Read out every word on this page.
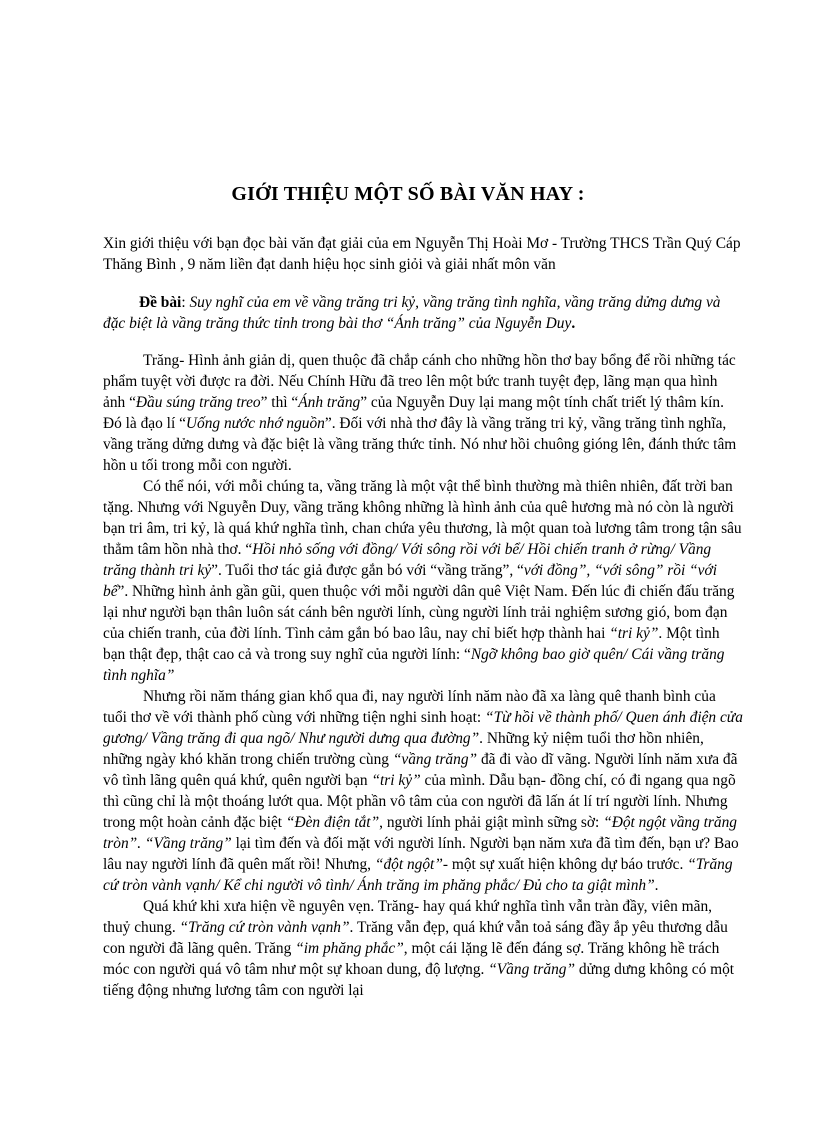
GIỚI THIỆU MỘT SỐ BÀI VĂN HAY :
Xin giới thiệu với bạn đọc bài văn đạt giải của em Nguyễn Thị Hoài Mơ - Trường THCS Trần Quý Cáp Thăng Bình , 9 năm liền đạt danh hiệu học sinh giỏi và giải nhất môn văn
Đề bài: Suy nghĩ của em về vầng trăng tri kỷ, vầng trăng tình nghĩa, vầng trăng dửng dưng và đặc biệt là vầng trăng thức tỉnh trong bài thơ “Ánh trăng” của Nguyễn Duy.

Trăng- Hình ảnh giản dị, quen thuộc đã chắp cánh cho những hồn thơ bay bổng để rồi những tác phẩm tuyệt vời được ra đời. Nếu Chính Hữu đã treo lên một bức tranh tuyệt đẹp, lãng mạn qua hình ảnh “Đầu súng trăng treo” thì “Ánh trăng” của Nguyễn Duy lại mang một tính chất triết lý thâm kín. Đó là đạo lí “Uống nước nhớ nguồn”. Đối với nhà thơ đây là vầng trăng tri kỷ, vầng trăng tình nghĩa, vầng trăng dửng dưng và đặc biệt là vầng trăng thức tỉnh. Nó như hồi chuông gióng lên, đánh thức tâm hồn u tối trong mỗi con người.

Có thể nói, với mỗi chúng ta, vầng trăng là một vật thể bình thường mà thiên nhiên, đất trời ban tặng. Nhưng với Nguyễn Duy, vầng trăng không những là hình ảnh của quê hương mà nó còn là người bạn tri âm, tri kỷ, là quá khứ nghĩa tình, chan chứa yêu thương, là một quan toà lương tâm trong tận sâu thẳm tâm hồn nhà thơ. “Hồi nhỏ sống với đồng/ Với sông rồi với bể/ Hồi chiến tranh ở rừng/ Vầng trăng thành tri kỷ”. Tuổi thơ tác giả được gắn bó với “vầng trăng”, “với đồng”, “với sông” rồi “với bể”. Những hình ảnh gần gũi, quen thuộc với mỗi người dân quê Việt Nam. Đến lúc đi chiến đấu trăng lại như người bạn thân luôn sát cánh bên người lính, cùng người lính trải nghiệm sương gió, bom đạn của chiến tranh, của đời lính. Tình cảm gắn bó bao lâu, nay chỉ biết hợp thành hai “tri kỷ”. Một tình bạn thật đẹp, thật cao cả và trong suy nghĩ của người lính: “Ngỡ không bao giờ quên/ Cái vầng trăng tình nghĩa”

Nhưng rồi năm tháng gian khổ qua đi, nay người lính năm nào đã xa làng quê thanh bình của tuổi thơ về với thành phố cùng với những tiện nghi sinh hoạt: “Từ hồi về thành phố/ Quen ánh điện cửa gương/ Vầng trăng đi qua ngõ/ Như người dưng qua đường”. Những kỷ niệm tuổi thơ hồn nhiên, những ngày khó khăn trong chiến trường cùng “vầng trăng” đã đi vào dĩ vãng. Người lính năm xưa đã vô tình lãng quên quá khứ, quên người bạn “tri kỷ” của mình. Dẫu bạn- đồng chí, có đi ngang qua ngõ thì cũng chỉ là một thoáng lướt qua. Một phần vô tâm của con người đã lấn át lí trí người lính. Nhưng trong một hoàn cảnh đặc biệt “Đèn điện tắt”, người lính phải giật mình sững sờ: “Đột ngột vầng trăng tròn”. “Vầng trăng” lại tìm đến và đối mặt với người lính. Người bạn năm xưa đã tìm đến, bạn ư? Bao lâu nay người lính đã quên mất rồi! Nhưng, “đột ngột”- một sự xuất hiện không dự báo trước. “Trăng cứ tròn vành vạnh/ Kể chi người vô tình/ Ánh trăng im phăng phắc/ Đủ cho ta giật mình”.

Quá khứ khi xưa hiện về nguyên vẹn. Trăng- hay quá khứ nghĩa tình vẫn tràn đầy, viên mãn, thuỷ chung. “Trăng cứ tròn vành vạnh”. Trăng vẫn đẹp, quá khứ vẫn toả sáng đầy ắp yêu thương dẫu con người đã lãng quên. Trăng “im phăng phắc”, một cái lặng lẽ đến đáng sợ. Trăng không hề trách móc con người quá vô tâm như một sự khoan dung, độ lượng. “Vầng trăng” dửng dưng không có một tiếng động nhưng lương tâm con người lại
